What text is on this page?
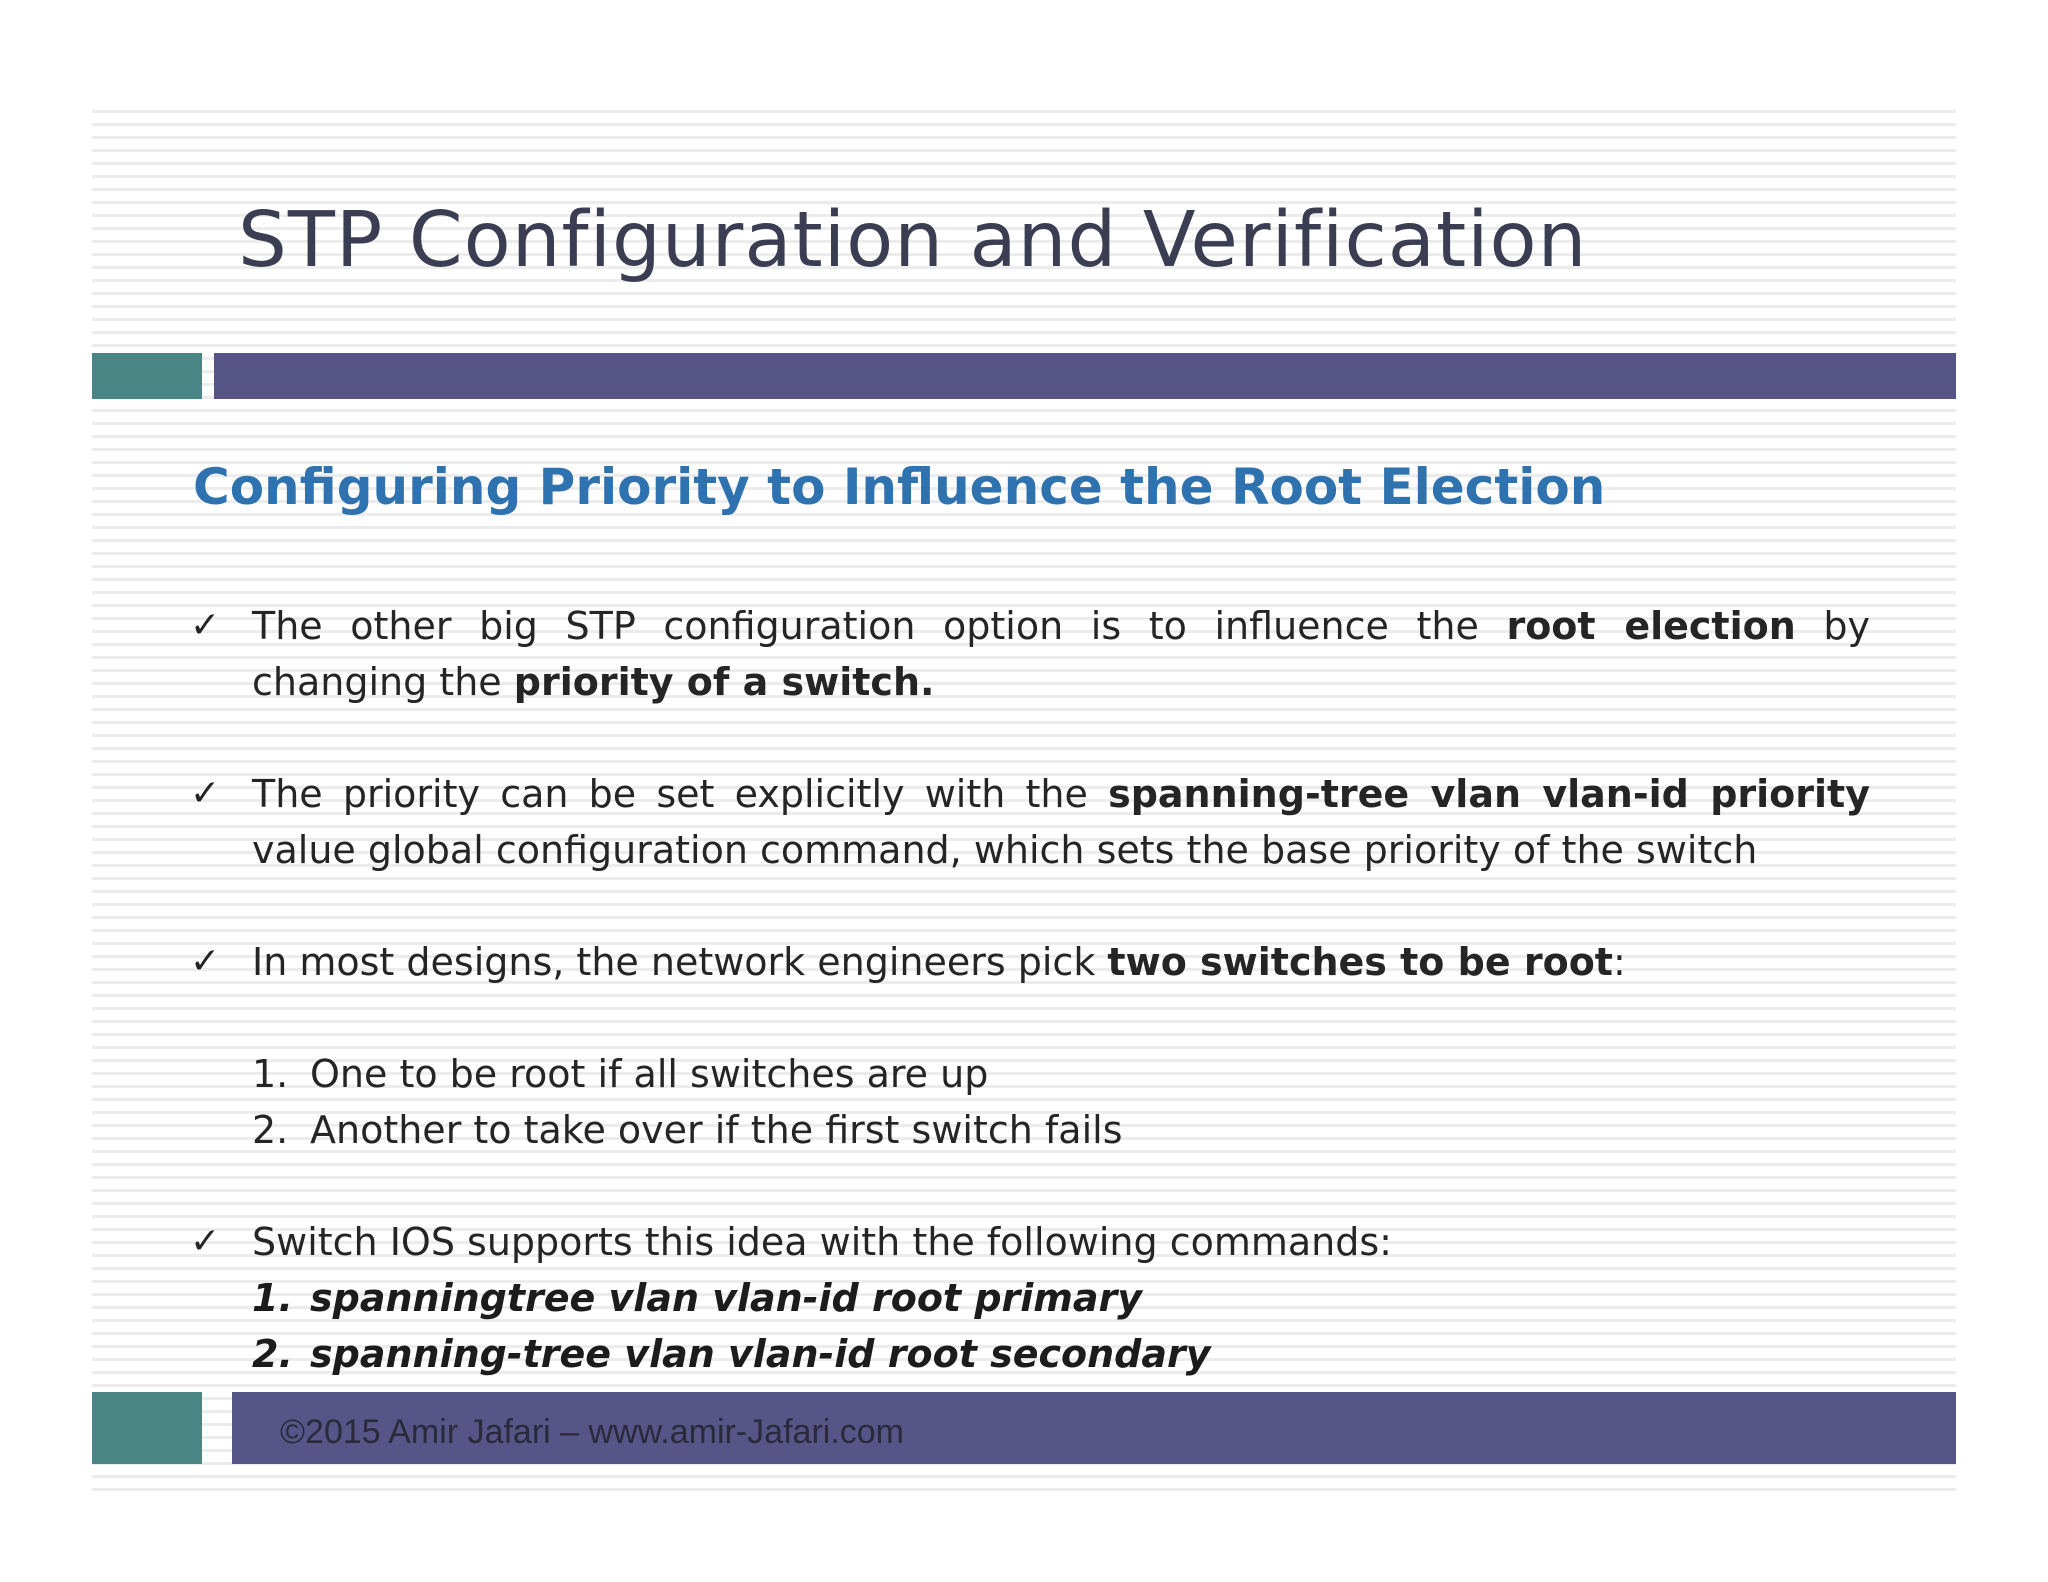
STP Configuration and Verification
Configuring Priority to Influence the Root Election
✓ The other big STP configuration option is to influence the root election by changing the priority of a switch.
✓ The priority can be set explicitly with the spanning-tree vlan vlan-id priority value global configuration command, which sets the base priority of the switch
✓ In most designs, the network engineers pick two switches to be root:
1. One to be root if all switches are up
2. Another to take over if the first switch fails
✓ Switch IOS supports this idea with the following commands:
1. spanningtree vlan vlan-id root primary
2. spanning-tree vlan vlan-id root secondary
©2015 Amir Jafari – www.amir-Jafari.com
